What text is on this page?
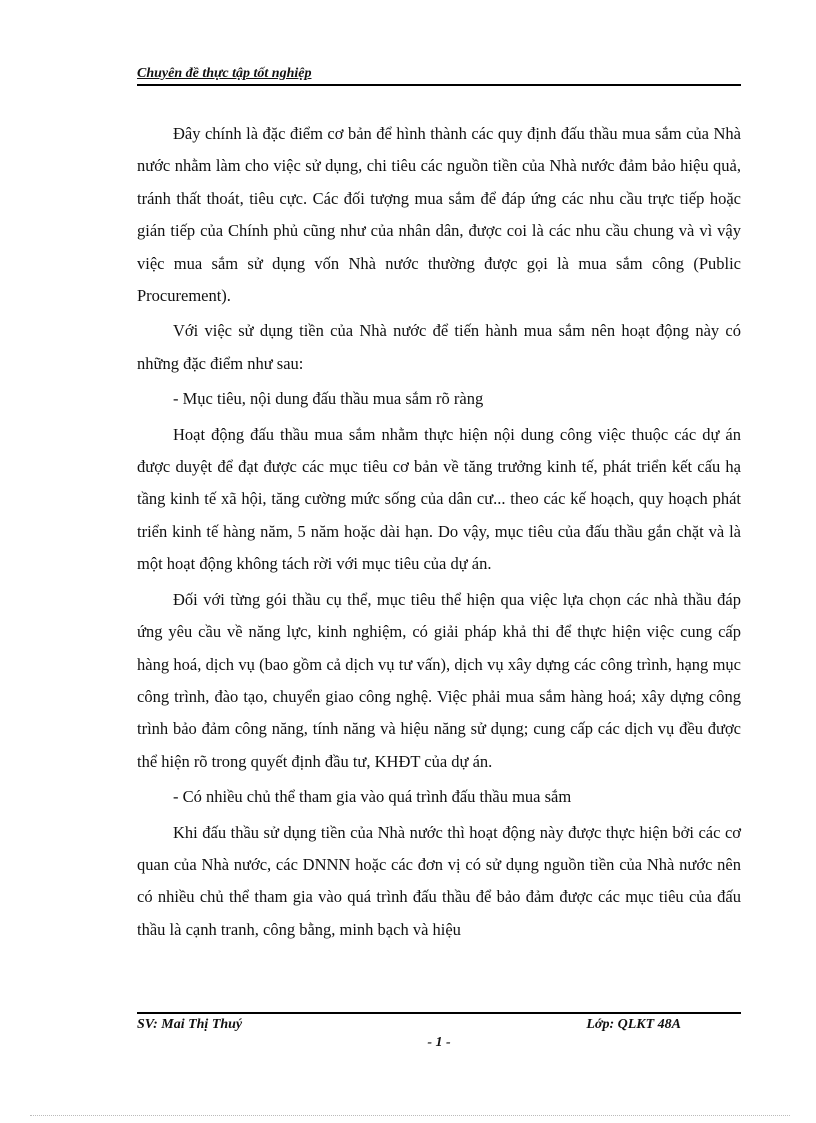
Chuyên đề thực tập tốt nghiệp

Đây chính là đặc điểm cơ bản để hình thành các quy định đấu thầu mua sắm của Nhà nước nhằm làm cho việc sử dụng, chi tiêu các nguồn tiền của Nhà nước đảm bảo hiệu quả, tránh thất thoát, tiêu cực. Các đối tượng mua sắm để đáp ứng các nhu cầu trực tiếp hoặc gián tiếp của Chính phủ cũng như của nhân dân, được coi là các nhu cầu chung và vì vậy việc mua sắm sử dụng vốn Nhà nước thường được gọi là mua sắm công (Public Procurement).

Với việc sử dụng tiền của Nhà nước để tiến hành mua sắm nên hoạt động này có những đặc điểm như sau:

- Mục tiêu, nội dung đấu thầu mua sắm rõ ràng

Hoạt động đấu thầu mua sắm nhằm thực hiện nội dung công việc thuộc các dự án được duyệt để đạt được các mục tiêu cơ bản về tăng trưởng kinh tế, phát triển kết cấu hạ tầng kinh tế xã hội, tăng cường mức sống của dân cư... theo các kế hoạch, quy hoạch phát triển kinh tế hàng năm, 5 năm hoặc dài hạn. Do vậy, mục tiêu của đấu thầu gắn chặt và là một hoạt động không tách rời với mục tiêu của dự án.

Đối với từng gói thầu cụ thể, mục tiêu thể hiện qua việc lựa chọn các nhà thầu đáp ứng yêu cầu về năng lực, kinh nghiệm, có giải pháp khả thi để thực hiện việc cung cấp hàng hoá, dịch vụ (bao gồm cả dịch vụ tư vấn), dịch vụ xây dựng các công trình, hạng mục công trình, đào tạo, chuyển giao công nghệ. Việc phải mua sắm hàng hoá; xây dựng công trình bảo đảm công năng, tính năng và hiệu năng sử dụng; cung cấp các dịch vụ đều được thể hiện rõ trong quyết định đầu tư, KHĐT của dự án.

- Có nhiều chủ thể tham gia vào quá trình đấu thầu mua sắm

Khi đấu thầu sử dụng tiền của Nhà nước thì hoạt động này được thực hiện bởi các cơ quan của Nhà nước, các DNNN hoặc các đơn vị có sử dụng nguồn tiền của Nhà nước nên có nhiều chủ thể tham gia vào quá trình đấu thầu để bảo đảm được các mục tiêu của đấu thầu là cạnh tranh, công bằng, minh bạch và hiệu

SV: Mai Thị Thuý	Lớp: QLKT 48A
- 1 -
